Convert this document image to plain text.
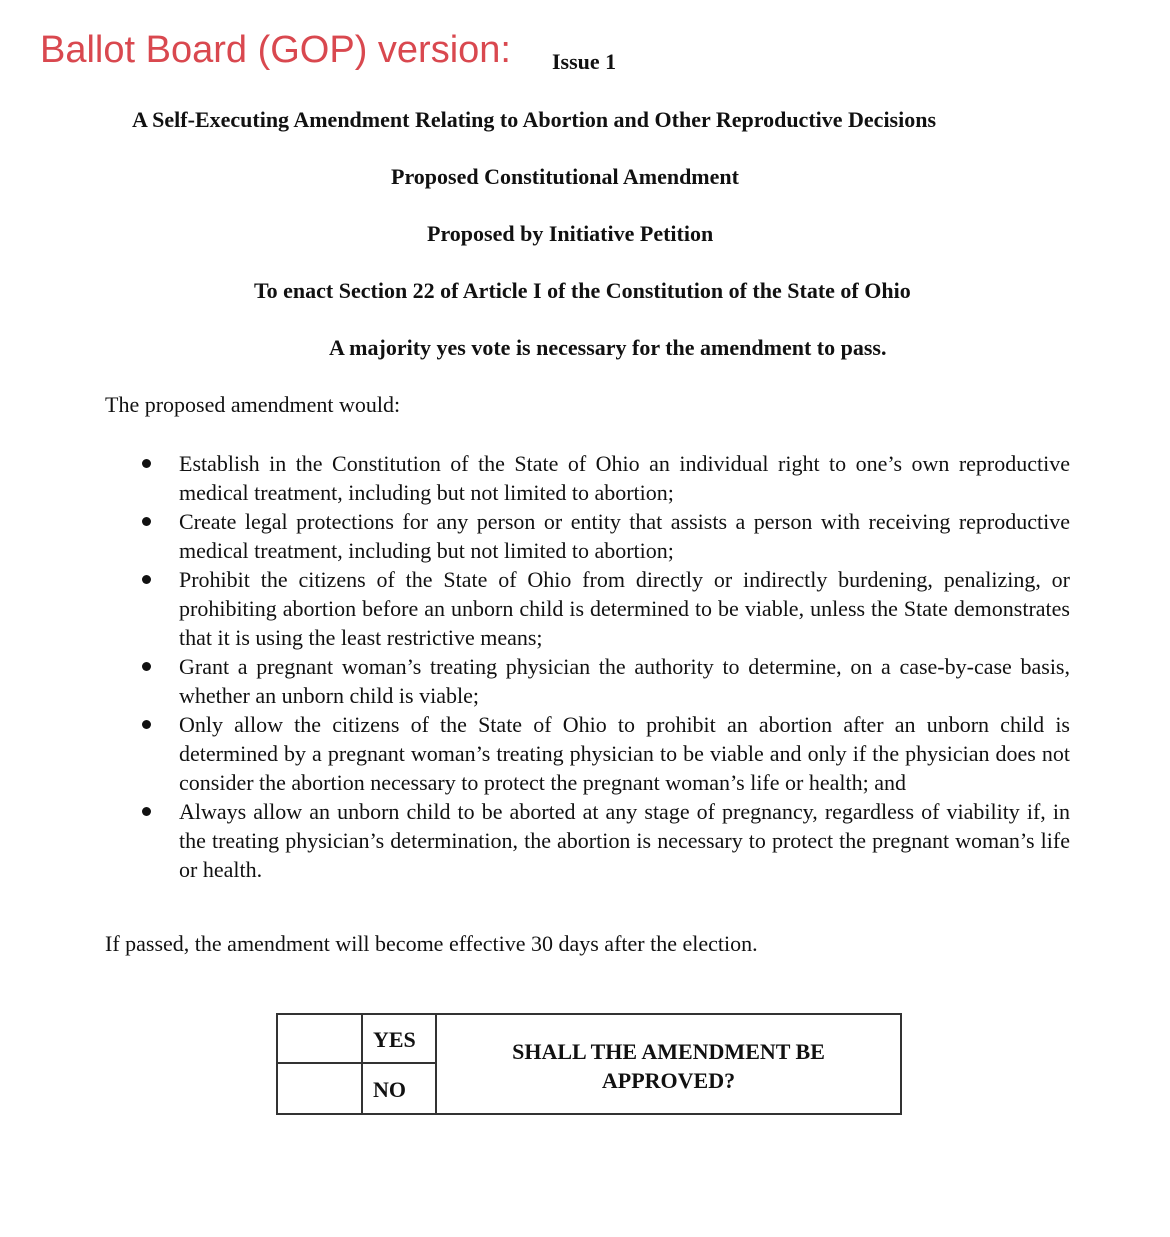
Ballot Board (GOP) version: Issue 1
A Self-Executing Amendment Relating to Abortion and Other Reproductive Decisions
Proposed Constitutional Amendment
Proposed by Initiative Petition
To enact Section 22 of Article I of the Constitution of the State of Ohio
A majority yes vote is necessary for the amendment to pass.
The proposed amendment would:
Establish in the Constitution of the State of Ohio an individual right to one’s own reproductive medical treatment, including but not limited to abortion;
Create legal protections for any person or entity that assists a person with receiving reproductive medical treatment, including but not limited to abortion;
Prohibit the citizens of the State of Ohio from directly or indirectly burdening, penalizing, or prohibiting abortion before an unborn child is determined to be viable, unless the State demonstrates that it is using the least restrictive means;
Grant a pregnant woman’s treating physician the authority to determine, on a case-by-case basis, whether an unborn child is viable;
Only allow the citizens of the State of Ohio to prohibit an abortion after an unborn child is determined by a pregnant woman’s treating physician to be viable and only if the physician does not consider the abortion necessary to protect the pregnant woman’s life or health; and
Always allow an unborn child to be aborted at any stage of pregnancy, regardless of viability if, in the treating physician’s determination, the abortion is necessary to protect the pregnant woman’s life or health.
If passed, the amendment will become effective 30 days after the election.
YES
NO
SHALL THE AMENDMENT BE
APPROVED?
